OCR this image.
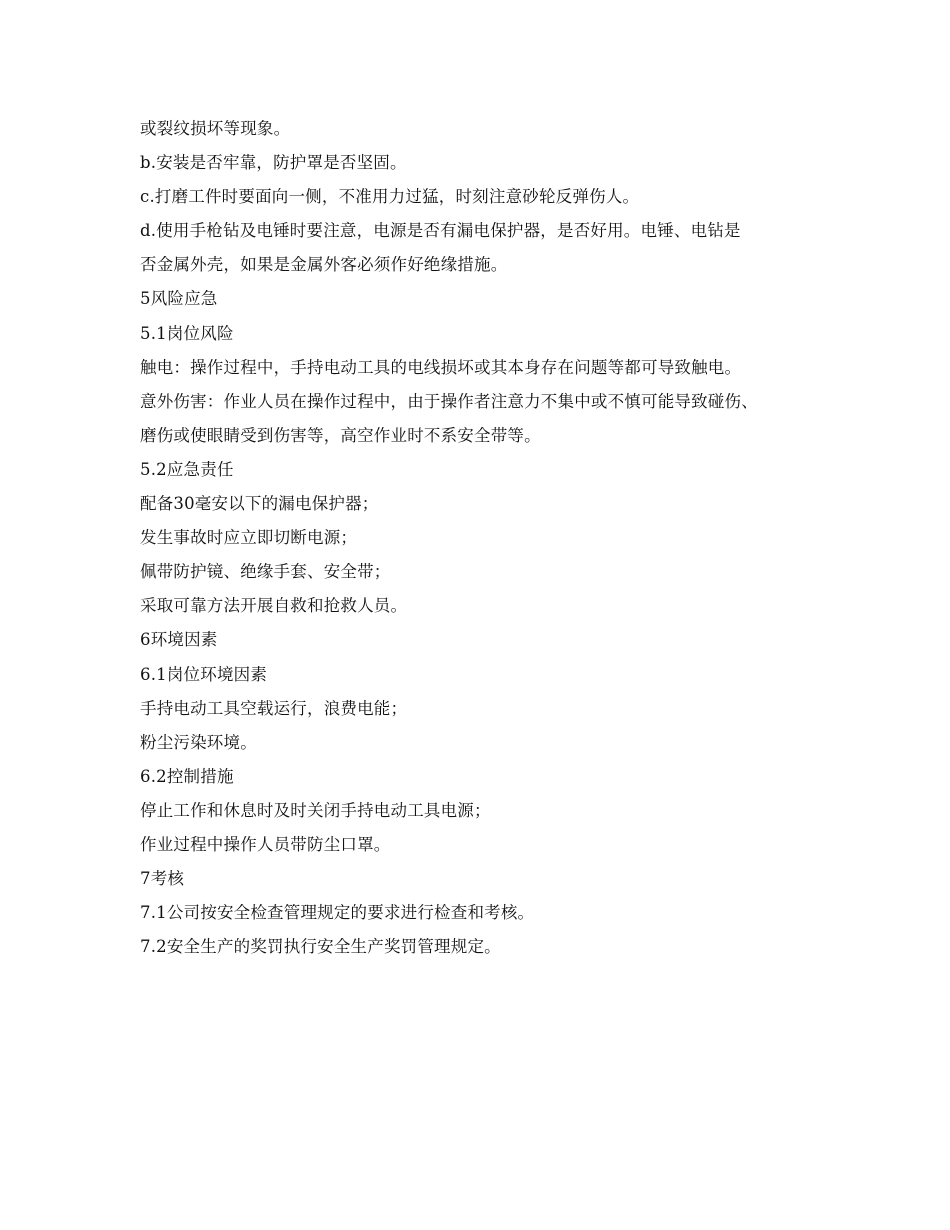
或裂纹损坏等现象。
b.安装是否牢靠，防护罩是否坚固。
c.打磨工件时要面向一侧，不准用力过猛，时刻注意砂轮反弹伤人。
d.使用手枪钻及电锤时要注意，电源是否有漏电保护器，是否好用。电锤、电钻是
否金属外壳，如果是金属外客必须作好绝缘措施。
5风险应急
5.1岗位风险
触电：操作过程中，手持电动工具的电线损坏或其本身存在问题等都可导致触电。
意外伤害：作业人员在操作过程中，由于操作者注意力不集中或不慎可能导致碰伤、
磨伤或使眼睛受到伤害等，高空作业时不系安全带等。
5.2应急责任
配备30毫安以下的漏电保护器；
发生事故时应立即切断电源；
佩带防护镜、绝缘手套、安全带；
采取可靠方法开展自救和抢救人员。
6环境因素
6.1岗位环境因素
手持电动工具空载运行，浪费电能；
粉尘污染环境。
6.2控制措施
停止工作和休息时及时关闭手持电动工具电源；
作业过程中操作人员带防尘口罩。
7考核
7.1公司按安全检查管理规定的要求进行检查和考核。
7.2安全生产的奖罚执行安全生产奖罚管理规定。
